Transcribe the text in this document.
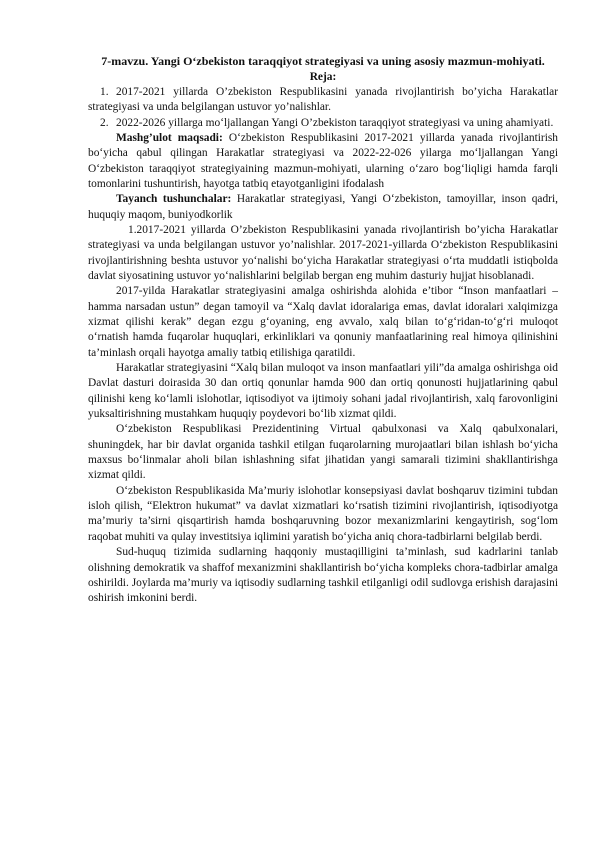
7-mavzu. Yangi O‘zbekiston taraqqiyot strategiyasi va uning asosiy mazmun-mohiyati.

Reja:

1. 2017-2021 yillarda O’zbekiston Respublikasini yanada rivojlantirish bo’yicha Harakatlar strategiyasi va unda belgilangan ustuvor yo’nalishlar.

2. 2022-2026 yillarga mo‘ljallangan Yangi O’zbekiston taraqqiyot strategiyasi va uning ahamiyati.

Mashg’ulot maqsadi: O‘zbekiston Respublikasini 2017-2021 yillarda yanada rivojlantirish bo‘yicha qabul qilingan Harakatlar strategiyasi va 2022-22-026 yilarga mo‘ljallangan Yangi O‘zbekiston taraqqiyot strategiyaining mazmun-mohiyati, ularning o‘zaro bog‘liqligi hamda farqli tomonlarini tushuntirish, hayotga tatbiq etayotganligini ifodalash

Tayanch tushunchalar: Harakatlar strategiyasi, Yangi O‘zbekiston, tamoyillar, inson qadri, huquqiy maqom, buniyodkorlik

1.2017-2021 yillarda O’zbekiston Respublikasini yanada rivojlantirish bo’yicha Harakatlar strategiyasi va unda belgilangan ustuvor yo’nalishlar. 2017-2021-yillarda O‘zbekiston Respublikasini rivojlantirishning beshta ustuvor yo‘nalishi bo‘yicha Harakatlar strategiyasi o‘rta muddatli istiqbolda davlat siyosatining ustuvor yo‘nalishlarini belgilab bergan eng muhim dasturiy hujjat hisoblanadi.

2017-yilda Harakatlar strategiyasini amalga oshirishda alohida e’tibor “Inson manfaatlari – hamma narsadan ustun” degan tamoyil va “Xalq davlat idoralariga emas, davlat idoralari xalqimizga xizmat qilishi kerak” degan ezgu g‘oyaning, eng avvalo, xalq bilan to‘g‘ridan-to‘g‘ri muloqot o‘rnatish hamda fuqarolar huquqlari, erkinliklari va qonuniy manfaatlarining real himoya qilinishini ta’minlash orqali hayotga amaliy tatbiq etilishiga qaratildi.

Harakatlar strategiyasini “Xalq bilan muloqot va inson manfaatlari yili”da amalga oshirishga oid Davlat dasturi doirasida 30 dan ortiq qonunlar hamda 900 dan ortiq qonunosti hujjatlarining qabul qilinishi keng ko‘lamli islohotlar, iqtisodiyot va ijtimoiy sohani jadal rivojlantirish, xalq farovonligini yuksaltirishning mustahkam huquqiy poydevori bo‘lib xizmat qildi.

O‘zbekiston Respublikasi Prezidentining Virtual qabulxonasi va Xalq qabulxonalari, shuningdek, har bir davlat organida tashkil etilgan fuqarolarning murojaatlari bilan ishlash bo‘yicha maxsus bo‘linmalar aholi bilan ishlashning sifat jihatidan yangi samarali tizimini shakllantirishga xizmat qildi.

O‘zbekiston Respublikasida Ma’muriy islohotlar konsepsiyasi davlat boshqaruv tizimini tubdan isloh qilish, “Elektron hukumat” va davlat xizmatlari ko‘rsatish tizimini rivojlantirish, iqtisodiyotga ma’muriy ta’sirni qisqartirish hamda boshqaruvning bozor mexanizmlarini kengaytirish, sog‘lom raqobat muhiti va qulay investitsiya iqlimini yaratish bo‘yicha aniq chora-tadbirlarni belgilab berdi.

Sud-huquq tizimida sudlarning haqqoniy mustaqilligini ta’minlash, sud kadrlarini tanlab olishning demokratik va shaffof mexanizmini shakllantirish bo‘yicha kompleks chora-tadbirlar amalga oshirildi. Joylarda ma’muriy va iqtisodiy sudlarning tashkil etilganligi odil sudlovga erishish darajasini oshirish imkonini berdi.
